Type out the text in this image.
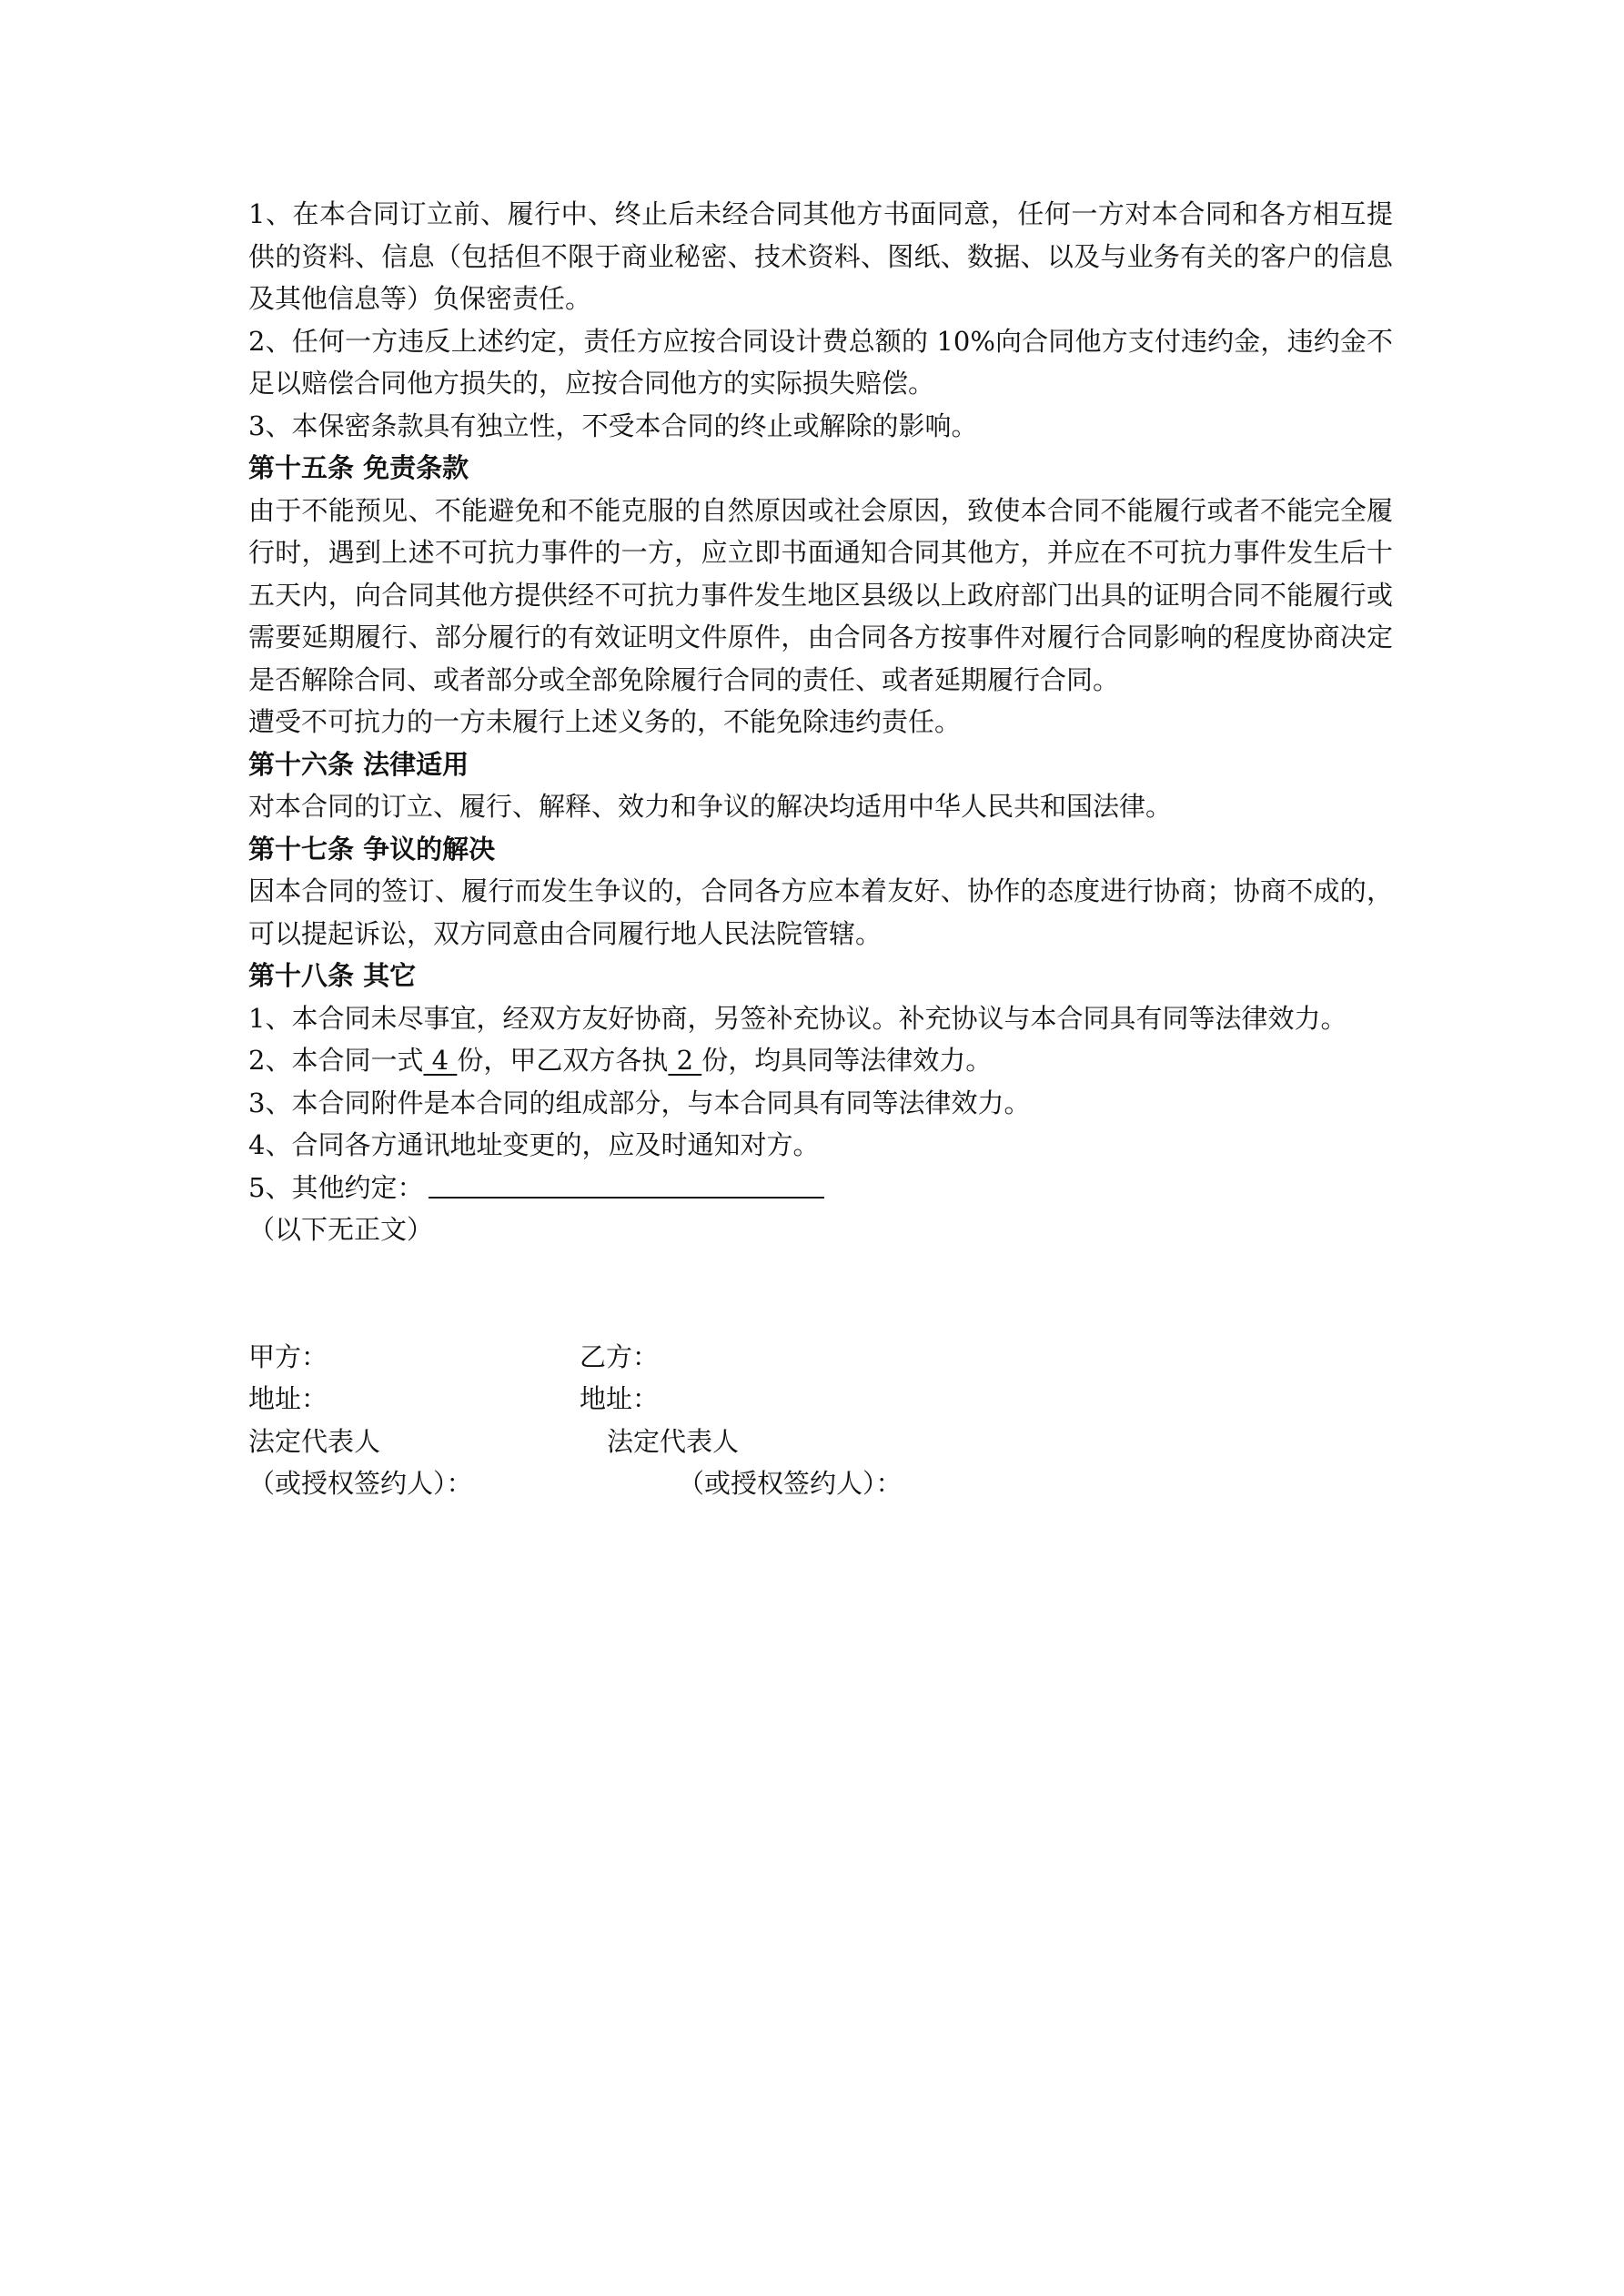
1、在本合同订立前、履行中、终止后未经合同其他方书面同意，任何一方对本合同和各方相互提供的资料、信息（包括但不限于商业秘密、技术资料、图纸、数据、以及与业务有关的客户的信息及其他信息等）负保密责任。

2、任何一方违反上述约定，责任方应按合同设计费总额的 10%向合同他方支付违约金，违约金不足以赔偿合同他方损失的，应按合同他方的实际损失赔偿。

3、本保密条款具有独立性，不受本合同的终止或解除的影响。

第十五条 免责条款

由于不能预见、不能避免和不能克服的自然原因或社会原因，致使本合同不能履行或者不能完全履行时，遇到上述不可抗力事件的一方，应立即书面通知合同其他方，并应在不可抗力事件发生后十五天内，向合同其他方提供经不可抗力事件发生地区县级以上政府部门出具的证明合同不能履行或需要延期履行、部分履行的有效证明文件原件，由合同各方按事件对履行合同影响的程度协商决定是否解除合同、或者部分或全部免除履行合同的责任、或者延期履行合同。

遭受不可抗力的一方未履行上述义务的，不能免除违约责任。

第十六条 法律适用

对本合同的订立、履行、解释、效力和争议的解决均适用中华人民共和国法律。

第十七条 争议的解决

因本合同的签订、履行而发生争议的，合同各方应本着友好、协作的态度进行协商；协商不成的，可以提起诉讼，双方同意由合同履行地人民法院管辖。

第十八条 其它

1、本合同未尽事宜，经双方友好协商，另签补充协议。补充协议与本合同具有同等法律效力。

2、本合同一式 4 份，甲乙双方各执 2 份，均具同等法律效力。

3、本合同附件是本合同的组成部分，与本合同具有同等法律效力。

4、合同各方通讯地址变更的，应及时通知对方。

5、其他约定：

（以下无正文）

甲方：	乙方：
地址：	地址：
法定代表人	法定代表人
（或授权签约人）：	（或授权签约人）：
